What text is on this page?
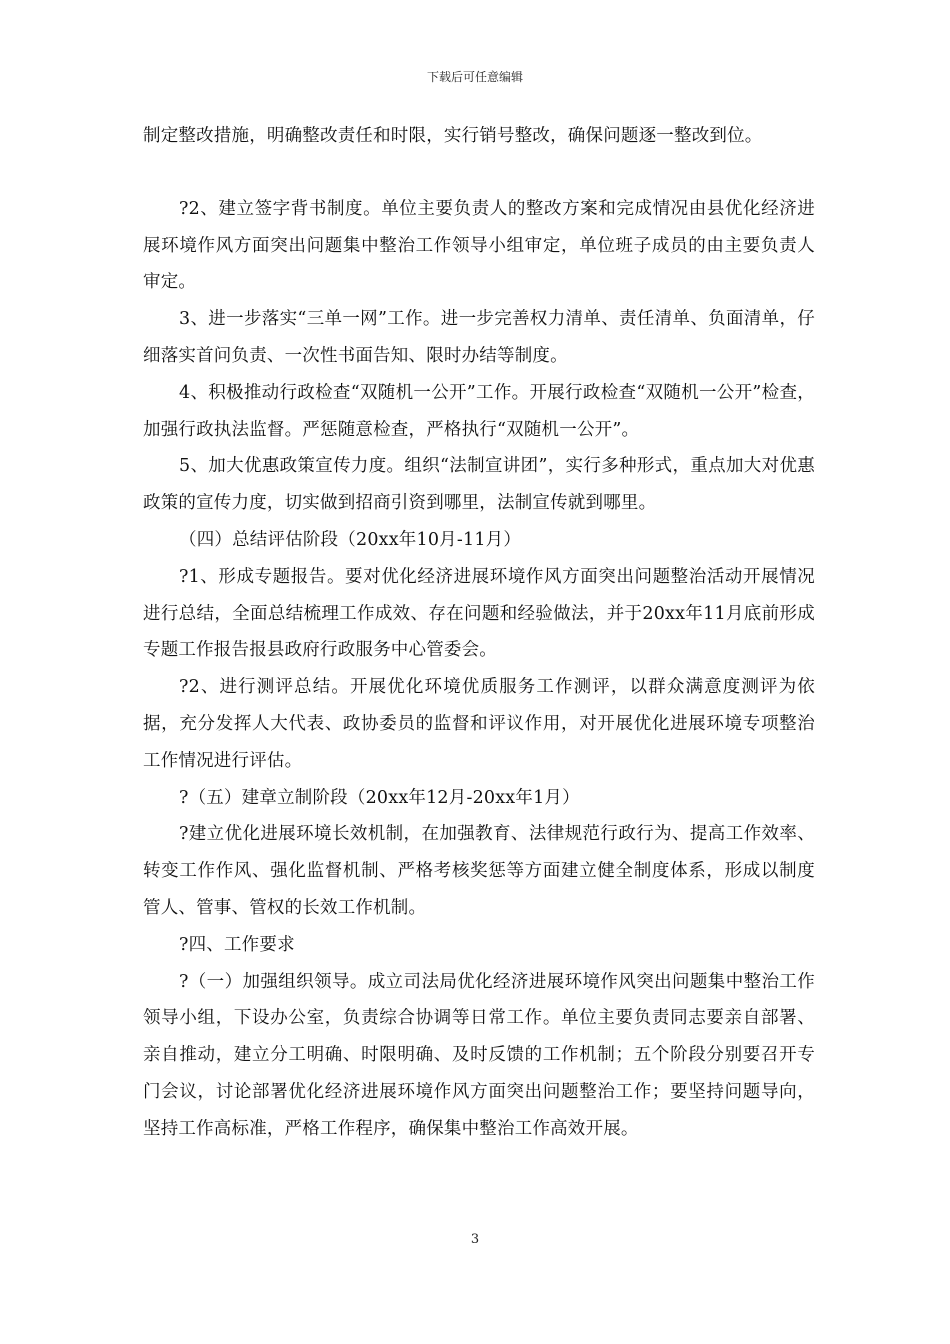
下载后可任意编辑

制定整改措施，明确整改责任和时限，实行销号整改，确保问题逐一整改到位。

?2、建立签字背书制度。单位主要负责人的整改方案和完成情况由县优化经济进展环境作风方面突出问题集中整治工作领导小组审定，单位班子成员的由主要负责人审定。

3、进一步落实“三单一网”工作。进一步完善权力清单、责任清单、负面清单，仔细落实首问负责、一次性书面告知、限时办结等制度。

4、积极推动行政检查“双随机一公开”工作。开展行政检查“双随机一公开”检查，加强行政执法监督。严惩随意检查，严格执行“双随机一公开”。

5、加大优惠政策宣传力度。组织“法制宣讲团”，实行多种形式，重点加大对优惠政策的宣传力度，切实做到招商引资到哪里，法制宣传就到哪里。

（四）总结评估阶段（20xx年10月-11月）

?1、形成专题报告。要对优化经济进展环境作风方面突出问题整治活动开展情况进行总结，全面总结梳理工作成效、存在问题和经验做法，并于20xx年11月底前形成专题工作报告报县政府行政服务中心管委会。

?2、进行测评总结。开展优化环境优质服务工作测评，以群众满意度测评为依据，充分发挥人大代表、政协委员的监督和评议作用，对开展优化进展环境专项整治工作情况进行评估。

?（五）建章立制阶段（20xx年12月-20xx年1月）

?建立优化进展环境长效机制，在加强教育、法律规范行政行为、提高工作效率、转变工作作风、强化监督机制、严格考核奖惩等方面建立健全制度体系，形成以制度管人、管事、管权的长效工作机制。

?四、工作要求

?（一）加强组织领导。成立司法局优化经济进展环境作风突出问题集中整治工作领导小组，下设办公室，负责综合协调等日常工作。单位主要负责同志要亲自部署、亲自推动，建立分工明确、时限明确、及时反馈的工作机制；五个阶段分别要召开专门会议，讨论部署优化经济进展环境作风方面突出问题整治工作；要坚持问题导向，坚持工作高标准，严格工作程序，确保集中整治工作高效开展。

3
